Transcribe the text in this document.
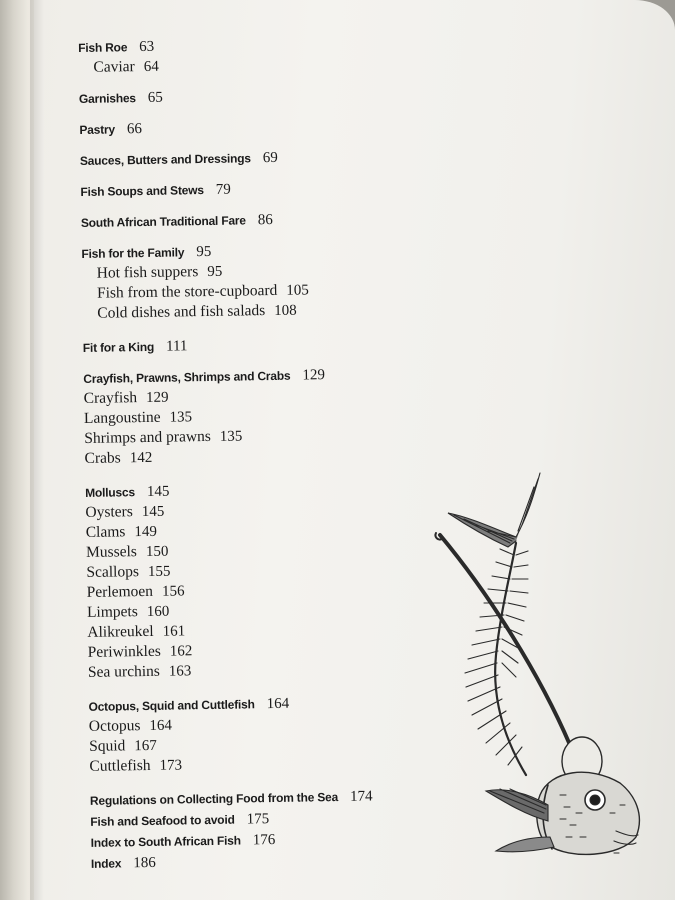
Fish Roe 63
Caviar 64
Garnishes 65
Pastry 66
Sauces, Butters and Dressings 69
Fish Soups and Stews 79
South African Traditional Fare 86
Fish for the Family 95
Hot fish suppers 95
Fish from the store-cupboard 105
Cold dishes and fish salads 108
Fit for a King 111
Crayfish, Prawns, Shrimps and Crabs 129
Crayfish 129
Langoustine 135
Shrimps and prawns 135
Crabs 142
Molluscs 145
Oysters 145
Clams 149
Mussels 150
Scallops 155
Perlemoen 156
Limpets 160
Alikreukel 161
Periwinkles 162
Sea urchins 163
Octopus, Squid and Cuttlefish 164
Octopus 164
Squid 167
Cuttlefish 173
Regulations on Collecting Food from the Sea 174
Fish and Seafood to avoid 175
Index to South African Fish 176
Index 186
